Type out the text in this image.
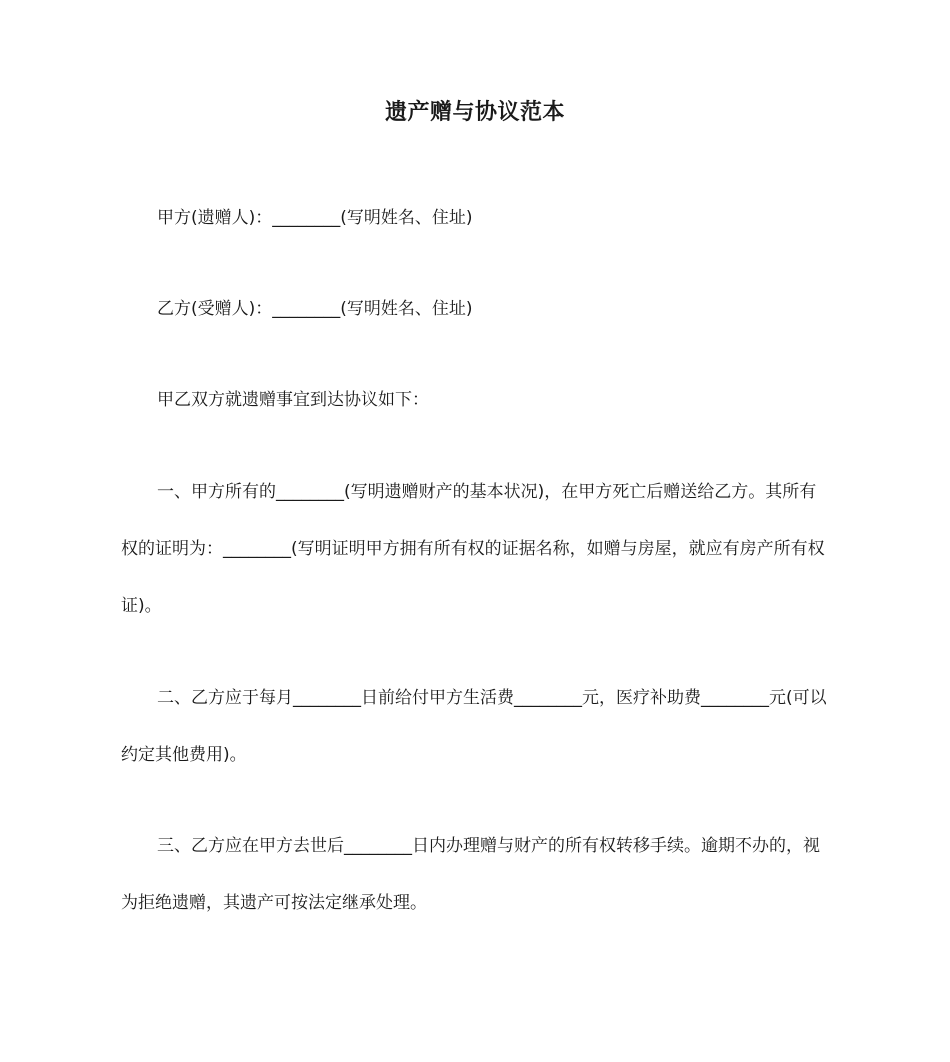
遗产赠与协议范本
甲方(遗赠人)：________(写明姓名、住址)
乙方(受赠人)：________(写明姓名、住址)
甲乙双方就遗赠事宜到达协议如下：
一、甲方所有的________(写明遗赠财产的基本状况)，在甲方死亡后赠送给乙方。其所有权的证明为：________(写明证明甲方拥有所有权的证据名称，如赠与房屋，就应有房产所有权证)。
二、乙方应于每月________日前给付甲方生活费________元，医疗补助费________元(可以约定其他费用)。
三、乙方应在甲方去世后________日内办理赠与财产的所有权转移手续。逾期不办的，视为拒绝遗赠，其遗产可按法定继承处理。
